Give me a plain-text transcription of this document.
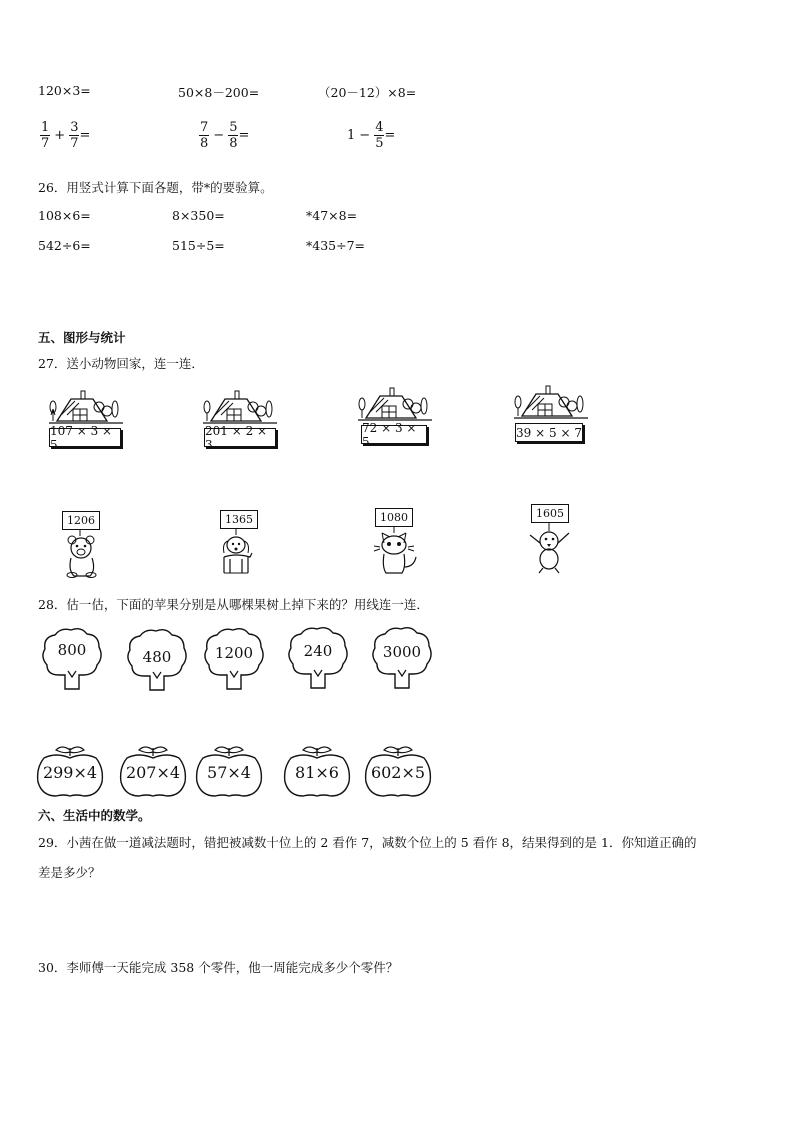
120×3=	50×8－200=	（20－12）×8=
$\frac{1}{7} + \frac{3}{7}$ =	$\frac{7}{8} - \frac{5}{8}$ =	$1 - \frac{4}{5}$ =
26．用竖式计算下面各题，带*的要验算。
108×6=	8×350=	*47×8=
542÷6=	515÷5=	*435÷7=
五、图形与统计
27．送小动物回家，连一连．
107 × 3 × 5
201 × 2 × 3
72 × 3 × 5
39 × 5 × 7
1206	1365	1080	1605
28．估一估，下面的苹果分别是从哪棵果树上掉下来的？用线连一连．
800	480	1200	240	3000
299×4	207×4	57×4	81×6	602×5
六、生活中的数学。
29．小茜在做一道减法题时，错把被减数十位上的 2 看作 7，减数个位上的 5 看作 8，结果得到的是 1．你知道正确的
差是多少？
30．李师傅一天能完成 358 个零件，他一周能完成多少个零件？
